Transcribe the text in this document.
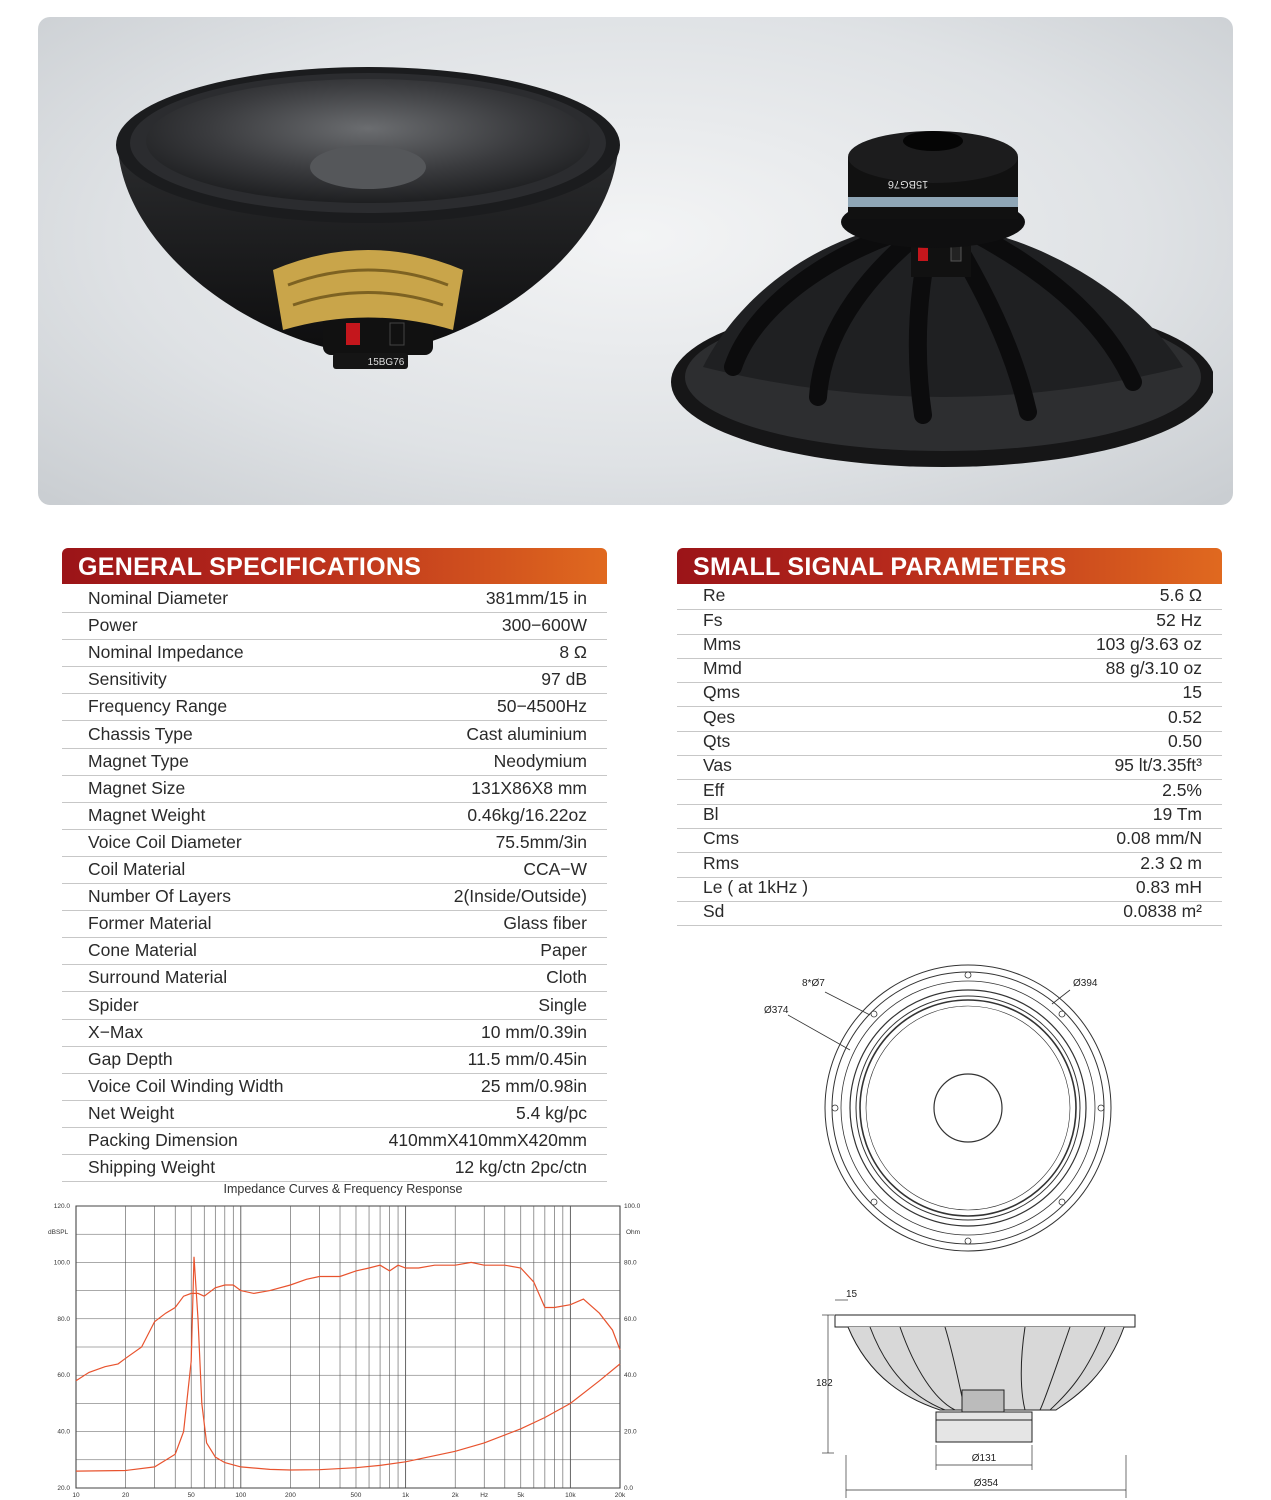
15BG76
15BG76
GENERAL SPECIFICATIONS
Nominal Diameter	381mm/15 in
Power	300−600W
Nominal Impedance	8 Ω
Sensitivity	97 dB
Frequency Range	50−4500Hz
Chassis Type	Cast aluminium
Magnet Type	Neodymium
Magnet Size	131X86X8 mm
Magnet Weight	0.46kg/16.22oz
Voice Coil Diameter	75.5mm/3in
Coil Material	CCA−W
Number Of Layers	2(Inside/Outside)
Former Material	Glass fiber
Cone Material	Paper
Surround Material	Cloth
Spider	Single
X−Max	10 mm/0.39in
Gap Depth	11.5 mm/0.45in
Voice Coil Winding Width	25 mm/0.98in
Net Weight	5.4 kg/pc
Packing Dimension	410mmX410mmX420mm
Shipping Weight	12 kg/ctn 2pc/ctn
SMALL SIGNAL PARAMETERS
Re	5.6 Ω
Fs	52 Hz
Mms	103 g/3.63 oz
Mmd	88 g/3.10 oz
Qms	15
Qes	0.52
Qts	0.50
Vas	95 lt/3.35ft³
Eff	2.5%
Bl	19 Tm
Cms	0.08 mm/N
Rms	2.3 Ω m
Le ( at 1kHz )	0.83 mH
Sd	0.0838 m²
8*Ø7	Ø394
Ø374
15
182
Ø131
Ø354
Impedance Curves & Frequency Response
dBSPL	Ohm
120.0
100.0
80.0
60.0
40.0
20.0
100.0
80.0
60.0
40.0
20.0
0.0
10	20	50	100	200	500	1k	2k	5k	10k	20k
Hz
